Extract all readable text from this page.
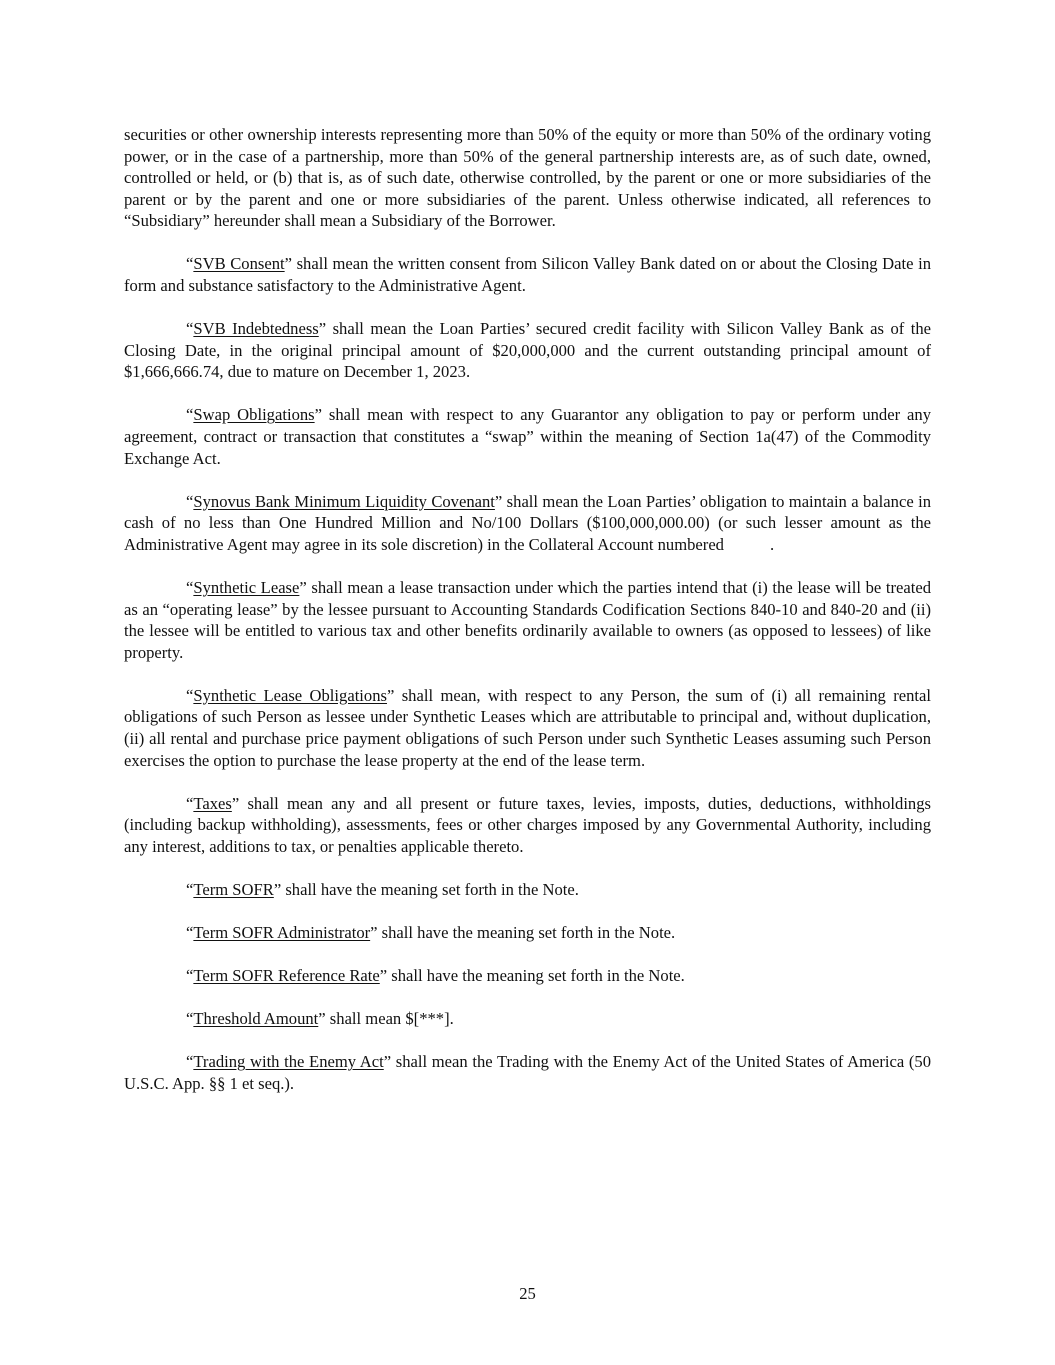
securities or other ownership interests representing more than 50% of the equity or more than 50% of the ordinary voting power, or in the case of a partnership, more than 50% of the general partnership interests are, as of such date, owned, controlled or held, or (b) that is, as of such date, otherwise controlled, by the parent or one or more subsidiaries of the parent or by the parent and one or more subsidiaries of the parent. Unless otherwise indicated, all references to “Subsidiary” hereunder shall mean a Subsidiary of the Borrower.

“SVB Consent” shall mean the written consent from Silicon Valley Bank dated on or about the Closing Date in form and substance satisfactory to the Administrative Agent.

“SVB Indebtedness” shall mean the Loan Parties’ secured credit facility with Silicon Valley Bank as of the Closing Date, in the original principal amount of $20,000,000 and the current outstanding principal amount of $1,666,666.74, due to mature on December 1, 2023.

“Swap Obligations” shall mean with respect to any Guarantor any obligation to pay or perform under any agreement, contract or transaction that constitutes a “swap” within the meaning of Section 1a(47) of the Commodity Exchange Act.

“Synovus Bank Minimum Liquidity Covenant” shall mean the Loan Parties’ obligation to maintain a balance in cash of no less than One Hundred Million and No/100 Dollars ($100,000,000.00) (or such lesser amount as the Administrative Agent may agree in its sole discretion) in the Collateral Account numbered	.

“Synthetic Lease” shall mean a lease transaction under which the parties intend that (i) the lease will be treated as an “operating lease” by the lessee pursuant to Accounting Standards Codification Sections 840-10 and 840-20 and (ii) the lessee will be entitled to various tax and other benefits ordinarily available to owners (as opposed to lessees) of like property.

“Synthetic Lease Obligations” shall mean, with respect to any Person, the sum of (i) all remaining rental obligations of such Person as lessee under Synthetic Leases which are attributable to principal and, without duplication, (ii) all rental and purchase price payment obligations of such Person under such Synthetic Leases assuming such Person exercises the option to purchase the lease property at the end of the lease term.

“Taxes” shall mean any and all present or future taxes, levies, imposts, duties, deductions, withholdings (including backup withholding), assessments, fees or other charges imposed by any Governmental Authority, including any interest, additions to tax, or penalties applicable thereto.

“Term SOFR” shall have the meaning set forth in the Note.

“Term SOFR Administrator” shall have the meaning set forth in the Note.

“Term SOFR Reference Rate” shall have the meaning set forth in the Note.

“Threshold Amount” shall mean $[***].

“Trading with the Enemy Act” shall mean the Trading with the Enemy Act of the United States of America (50 U.S.C. App. §§ 1 et seq.).

25
